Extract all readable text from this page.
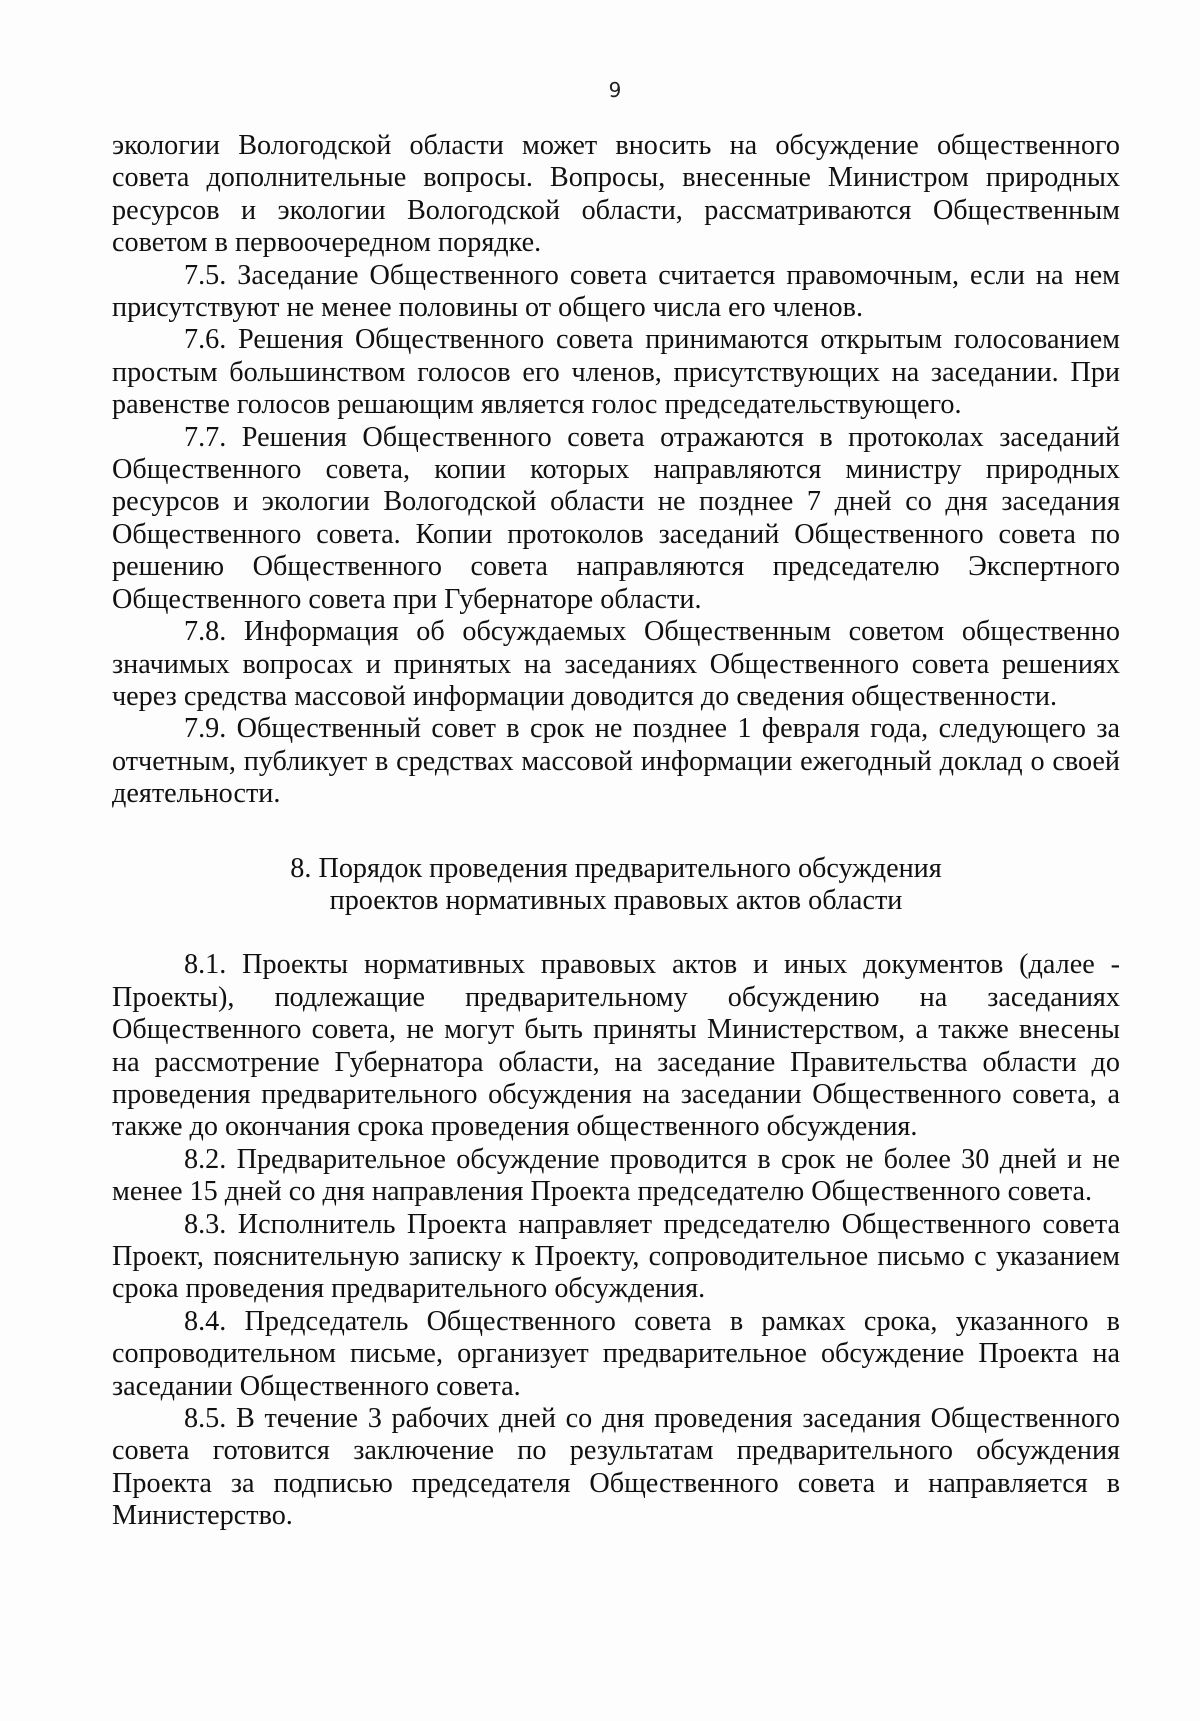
9

экологии Вологодской области может вносить на обсуждение общественного совета дополнительные вопросы. Вопросы, внесенные Министром природных ресурсов и экологии Вологодской области, рассматриваются Общественным советом в первоочередном порядке.

7.5. Заседание Общественного совета считается правомочным, если на нем присутствуют не менее половины от общего числа его членов.

7.6. Решения Общественного совета принимаются открытым голосованием простым большинством голосов его членов, присутствующих на заседании. При равенстве голосов решающим является голос председательствующего.

7.7. Решения Общественного совета отражаются в протоколах заседаний Общественного совета, копии которых направляются министру природных ресурсов и экологии Вологодской области не позднее 7 дней со дня заседания Общественного совета. Копии протоколов заседаний Общественного совета по решению Общественного совета направляются председателю Экспертного Общественного совета при Губернаторе области.

7.8. Информация об обсуждаемых Общественным советом общественно значимых вопросах и принятых на заседаниях Общественного совета решениях через средства массовой информации доводится до сведения общественности.

7.9. Общественный совет в срок не позднее 1 февраля года, следующего за отчетным, публикует в средствах массовой информации ежегодный доклад о своей деятельности.

8. Порядок проведения предварительного обсуждения
проектов нормативных правовых актов области

8.1. Проекты нормативных правовых актов и иных документов (далее - Проекты), подлежащие предварительному обсуждению на заседаниях Общественного совета, не могут быть приняты Министерством, а также внесены на рассмотрение Губернатора области, на заседание Правительства области до проведения предварительного обсуждения на заседании Общественного совета, а также до окончания срока проведения общественного обсуждения.

8.2. Предварительное обсуждение проводится в срок не более 30 дней и не менее 15 дней со дня направления Проекта председателю Общественного совета.

8.3. Исполнитель Проекта направляет председателю Общественного совета Проект, пояснительную записку к Проекту, сопроводительное письмо с указанием срока проведения предварительного обсуждения.

8.4. Председатель Общественного совета в рамках срока, указанного в сопроводительном письме, организует предварительное обсуждение Проекта на заседании Общественного совета.

8.5. В течение 3 рабочих дней со дня проведения заседания Общественного совета готовится заключение по результатам предварительного обсуждения Проекта за подписью председателя Общественного совета и направляется в Министерство.
